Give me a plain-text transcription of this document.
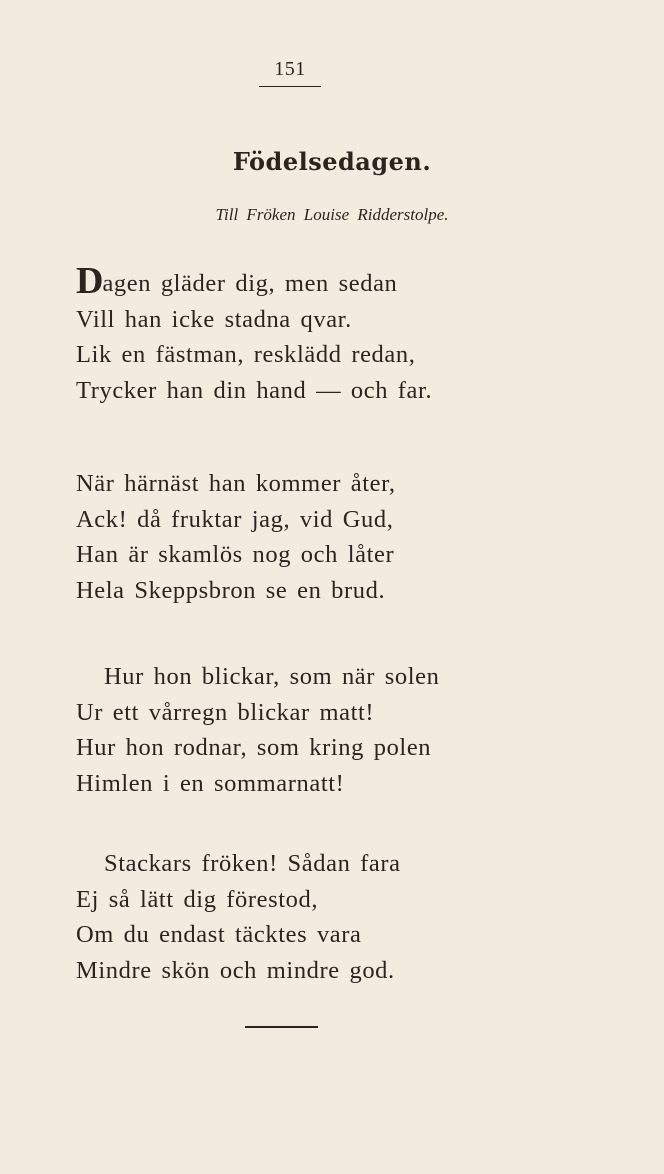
151
Födelsedagen.
Till Fröken Louise Ridderstolpe.
Dagen gläder dig, men sedan
Vill han icke stadna qvar.
Lik en fästman, resklädd redan,
Trycker han din hand — och far.
När härnäst han kommer åter,
Ack! då fruktar jag, vid Gud,
Han är skamlös nog och låter
Hela Skeppsbron se en brud.
Hur hon blickar, som när solen
Ur ett vårregn blickar matt!
Hur hon rodnar, som kring polen
Himlen i en sommarnatt!
Stackars fröken! Sådan fara
Ej så lätt dig förestod,
Om du endast täcktes vara
Mindre skön och mindre god.
